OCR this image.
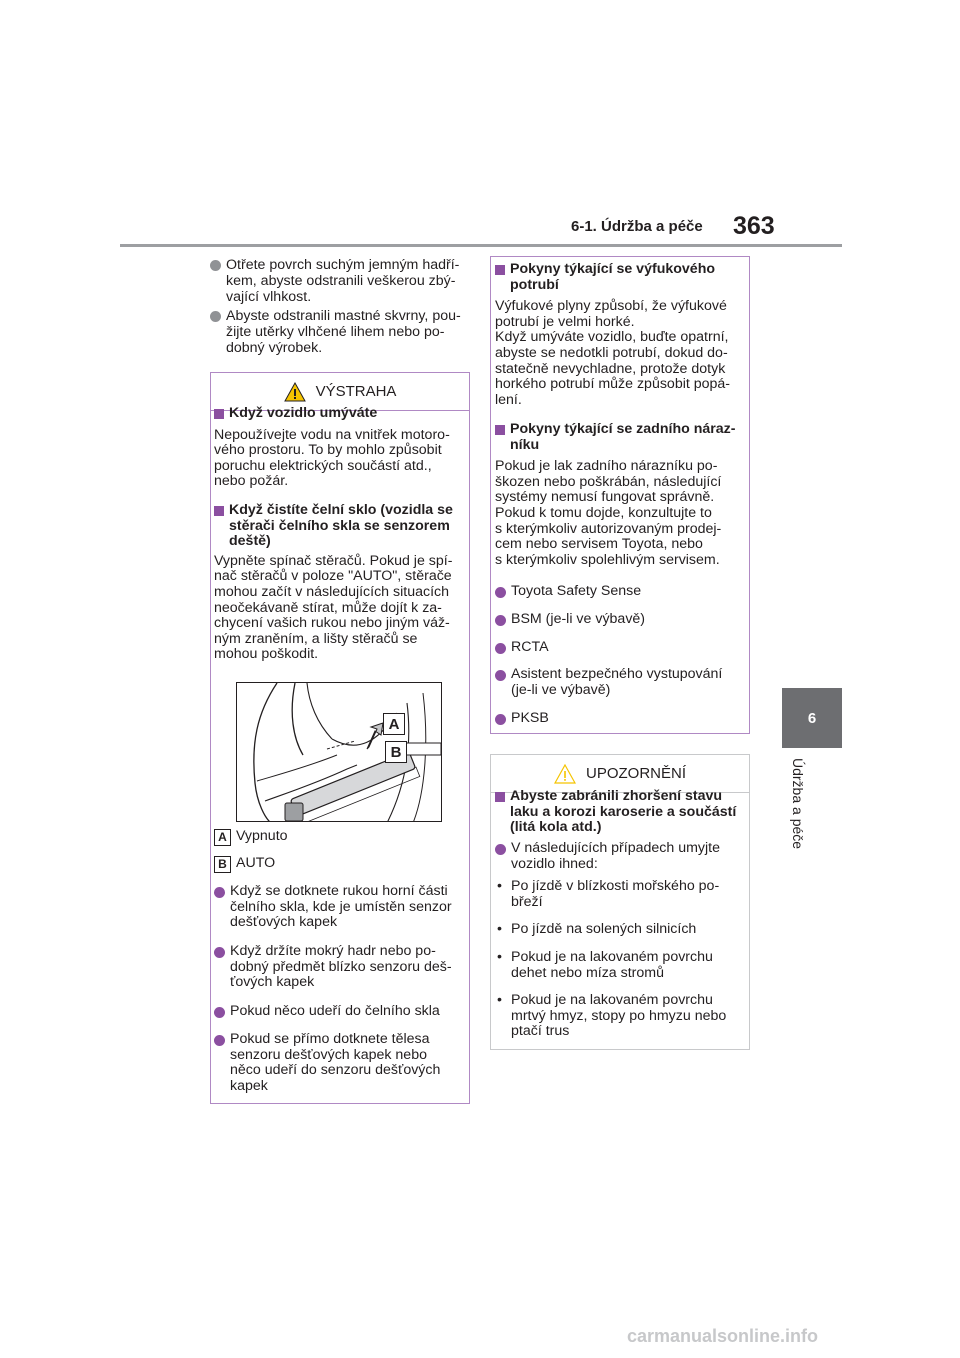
6-1. Údržba a péče 363
6
Údržba a péče
Otřete povrch suchým jemným hadří-
kem, abyste odstranili veškerou zbý-
vající vlhkost.
Abyste odstranili mastné skvrny, pou-
žijte utěrky vlhčené lihem nebo po-
dobný výrobek.
VÝSTRAHA
Když vozidlo umýváte
Nepoužívejte vodu na vnitřek motoro-
vého prostoru. To by mohlo způsobit
poruchu elektrických součástí atd.,
nebo požár.
Když čistíte čelní sklo (vozidla se
stěrači čelního skla se senzorem
deště)
Vypněte spínač stěračů. Pokud je spí-
nač stěračů v poloze "AUTO", stěrače
mohou začít v následujících situacích
neočekávaně stírat, může dojít k za-
chycení vašich rukou nebo jiným váž-
ným zraněním, a lišty stěračů se
mohou poškodit.
A
B
A Vypnuto
B AUTO
Když se dotknete rukou horní části
čelního skla, kde je umístěn senzor
dešťových kapek
Když držíte mokrý hadr nebo po-
dobný předmět blízko senzoru deš-
ťových kapek
Pokud něco udeří do čelního skla
Pokud se přímo dotknete tělesa
senzoru dešťových kapek nebo
něco udeří do senzoru dešťových
kapek
Pokyny týkající se výfukového
potrubí
Výfukové plyny způsobí, že výfukové
potrubí je velmi horké.
Když umýváte vozidlo, buďte opatrní,
abyste se nedotkli potrubí, dokud do-
statečně nevychladne, protože dotyk
horkého potrubí může způsobit popá-
lení.
Pokyny týkající se zadního náraz-
níku
Pokud je lak zadního nárazníku po-
škozen nebo poškrábán, následující
systémy nemusí fungovat správně.
Pokud k tomu dojde, konzultujte to
s kterýmkoliv autorizovaným prodej-
cem nebo servisem Toyota, nebo
s kterýmkoliv spolehlivým servisem.
Toyota Safety Sense
BSM (je-li ve výbavě)
RCTA
Asistent bezpečného vystupování
(je-li ve výbavě)
PKSB
UPOZORNĚNÍ
Abyste zabránili zhoršení stavu
laku a korozi karoserie a součástí
(litá kola atd.)
V následujících případech umyjte
vozidlo ihned:
• Po jízdě v blízkosti mořského po-
břeží
• Po jízdě na solených silnicích
• Pokud je na lakovaném povrchu
dehet nebo míza stromů
• Pokud je na lakovaném povrchu
mrtvý hmyz, stopy po hmyzu nebo
ptačí trus
carmanualsonline.info
